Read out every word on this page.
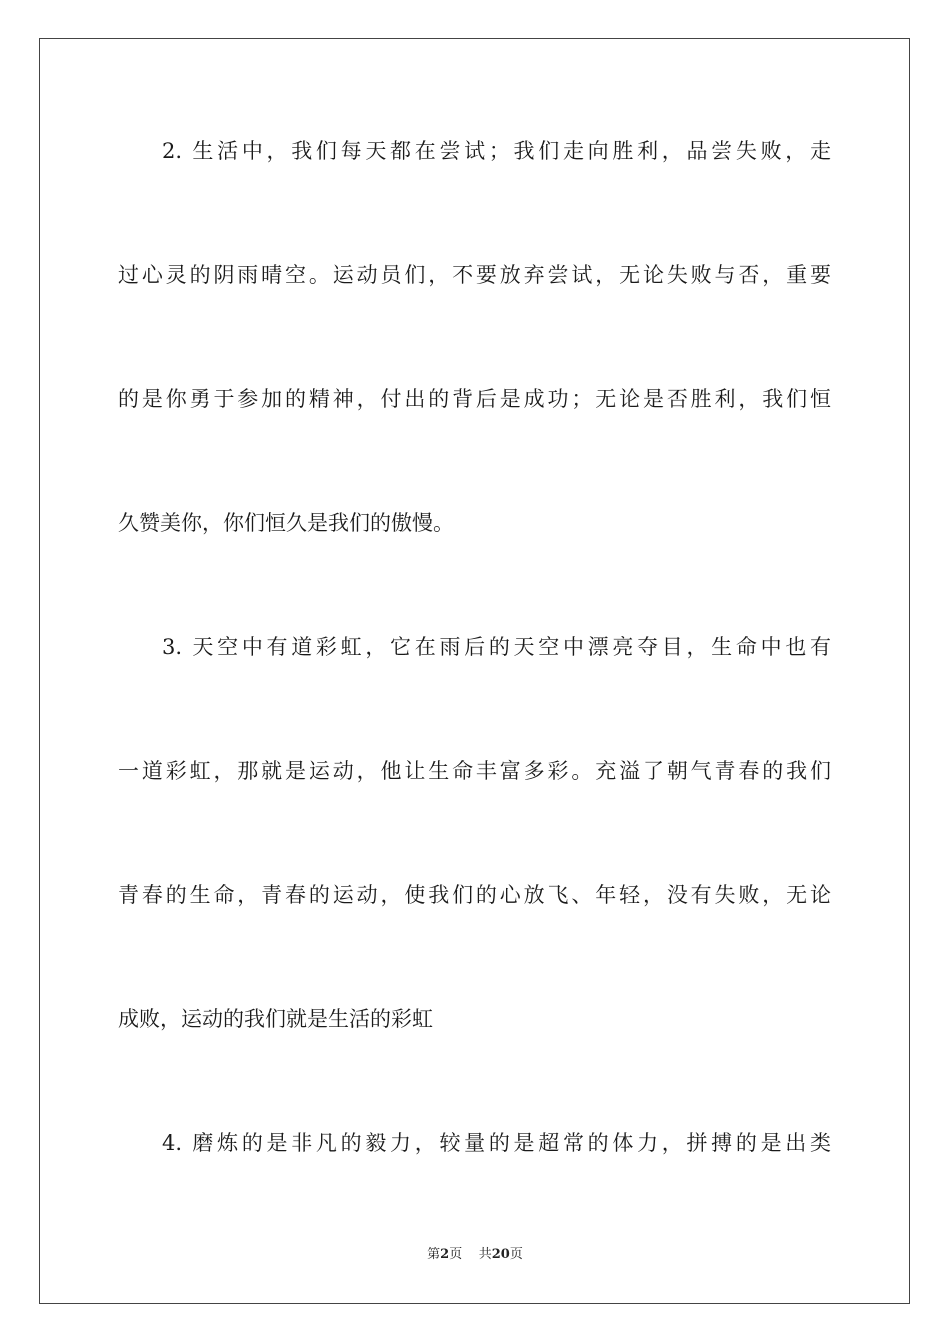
2. 生活中，我们每天都在尝试；我们走向胜利，品尝失败，走
过心灵的阴雨晴空。运动员们，不要放弃尝试，无论失败与否，重要
的是你勇于参加的精神，付出的背后是成功；无论是否胜利，我们恒
久赞美你，你们恒久是我们的傲慢。
3. 天空中有道彩虹，它在雨后的天空中漂亮夺目，生命中也有
一道彩虹，那就是运动，他让生命丰富多彩。充溢了朝气青春的我们
青春的生命，青春的运动，使我们的心放飞、年轻，没有失败，无论
成败，运动的我们就是生活的彩虹
4. 磨炼的是非凡的毅力，较量的是超常的体力，拼搏的是出类
第2页 共20页
